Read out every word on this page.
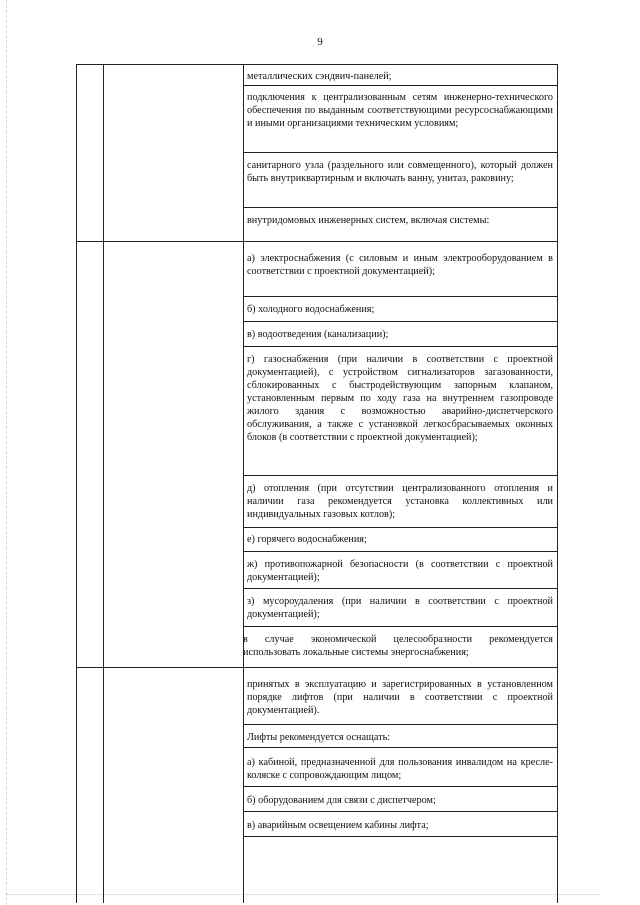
9
металлических сэндвич-панелей;
подключения к централизованным сетям инженерно-технического обеспечения по выданным соответствующими ресурсоснабжающими и иными организациями техническим условиям;
санитарного узла (раздельного или совмещенного), который должен быть внутриквартирным и включать ванну, унитаз, раковину;
внутридомовых инженерных систем, включая системы:
а) электроснабжения (с силовым и иным электрооборудованием в соответствии с проектной документацией);
б) холодного водоснабжения;
в) водоотведения (канализации);
г) газоснабжения (при наличии в соответствии с проектной документацией), с устройством сигнализаторов загазованности, сблокированных с быстродействующим запорным клапаном, установленным первым по ходу газа на внутреннем газопроводе жилого здания с возможностью аварийно-диспетчерского обслуживания, а также с установкой легкосбрасываемых оконных блоков (в соответствии с проектной документацией);
д) отопления (при отсутствии централизованного отопления и наличии газа рекомендуется установка коллективных или индивидуальных газовых котлов);
е) горячего водоснабжения;
ж) противопожарной безопасности (в соответствии с проектной документацией);
з) мусороудаления (при наличии в соответствии с проектной документацией);
в случае экономической целесообразности рекомендуется использовать локальные системы энергоснабжения;
принятых в эксплуатацию и зарегистрированных в установленном порядке лифтов (при наличии в соответствии с проектной документацией).
Лифты рекомендуется оснащать:
а) кабиной, предназначенной для пользования инвалидом на кресле-коляске с сопровождающим лицом;
б) оборудованием для связи с диспетчером;
в) аварийным освещением кабины лифта;
